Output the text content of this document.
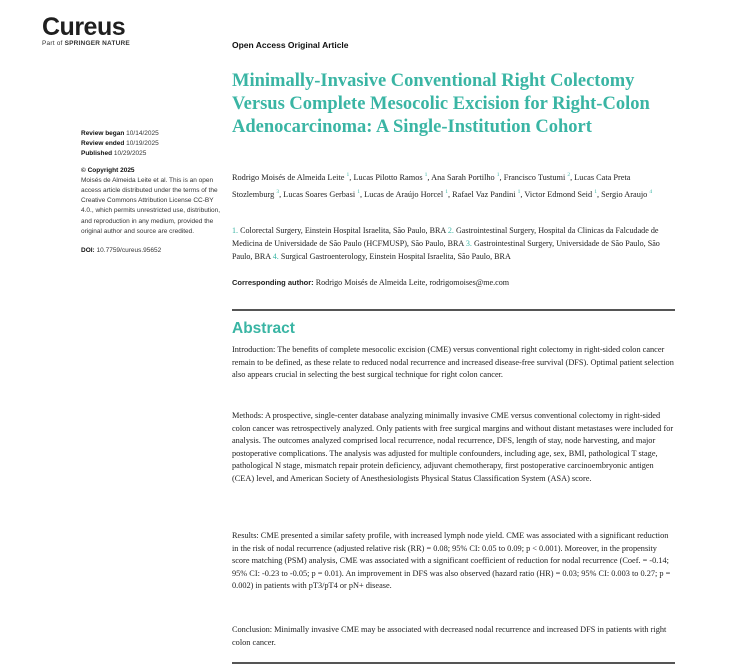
Cureus
Part of SPRINGER NATURE	Open Access Original Article
Minimally-Invasive Conventional Right Colectomy Versus Complete Mesocolic Excision for Right-Colon Adenocarcinoma: A Single-Institution Cohort
Review began 10/14/2025
Review ended 10/19/2025
Published 10/29/2025
© Copyright 2025
Moisés de Almeida Leite et al. This is an open access article distributed under the terms of the Creative Commons Attribution License CC-BY 4.0., which permits unrestricted use, distribution, and reproduction in any medium, provided the original author and source are credited.
DOI: 10.7759/cureus.95652
Rodrigo Moisés de Almeida Leite $^1$, Lucas Pilotto Ramos $^1$, Ana Sarah Portilho $^1$, Francisco Tustumi $^2$, Lucas Cata Preta Stozlemburg $^3$, Lucas Soares Gerbasi $^1$, Lucas de Araújo Horcel $^1$, Rafael Vaz Pandini $^1$, Victor Edmond Seid $^1$, Sergio Araujo $^4$
1. Colorectal Surgery, Einstein Hospital Israelita, São Paulo, BRA 2. Gastrointestinal Surgery, Hospital da Clinicas da Falcudade de Medicina de Universidade de São Paulo (HCFMUSP), São Paulo, BRA 3. Gastrointestinal Surgery, Universidade de São Paulo, São Paulo, BRA 4. Surgical Gastroenterology, Einstein Hospital Israelita, São Paulo, BRA
Corresponding author: Rodrigo Moisés de Almeida Leite, rodrigomoises@me.com
Abstract

Introduction: The benefits of complete mesocolic excision (CME) versus conventional right colectomy in right-sided colon cancer remain to be defined, as these relate to reduced nodal recurrence and increased disease-free survival (DFS). Optimal patient selection also appears crucial in selecting the best surgical technique for right colon cancer.

Methods: A prospective, single-center database analyzing minimally invasive CME versus conventional colectomy in right-sided colon cancer was retrospectively analyzed. Only patients with free surgical margins and without distant metastases were included for analysis. The outcomes analyzed comprised local recurrence, nodal recurrence, DFS, length of stay, node harvesting, and major postoperative complications. The analysis was adjusted for multiple confounders, including age, sex, BMI, pathological T stage, pathological N stage, mismatch repair protein deficiency, adjuvant chemotherapy, first postoperative carcinoembryonic antigen (CEA) level, and American Society of Anesthesiologists Physical Status Classification System (ASA) score.

Results: CME presented a similar safety profile, with increased lymph node yield. CME was associated with a significant reduction in the risk of nodal recurrence (adjusted relative risk (RR) = 0.08; 95% CI: 0.05 to 0.09; p < 0.001). Moreover, in the propensity score matching (PSM) analysis, CME was associated with a significant coefficient of reduction for nodal recurrence (Coef. = -0.14; 95% CI: -0.23 to -0.05; p = 0.01). An improvement in DFS was also observed (hazard ratio (HR) = 0.03; 95% CI: 0.003 to 0.27; p = 0.002) in patients with pT3/pT4 or pN+ disease.

Conclusion: Minimally invasive CME may be associated with decreased nodal recurrence and increased DFS in patients with right colon cancer.
